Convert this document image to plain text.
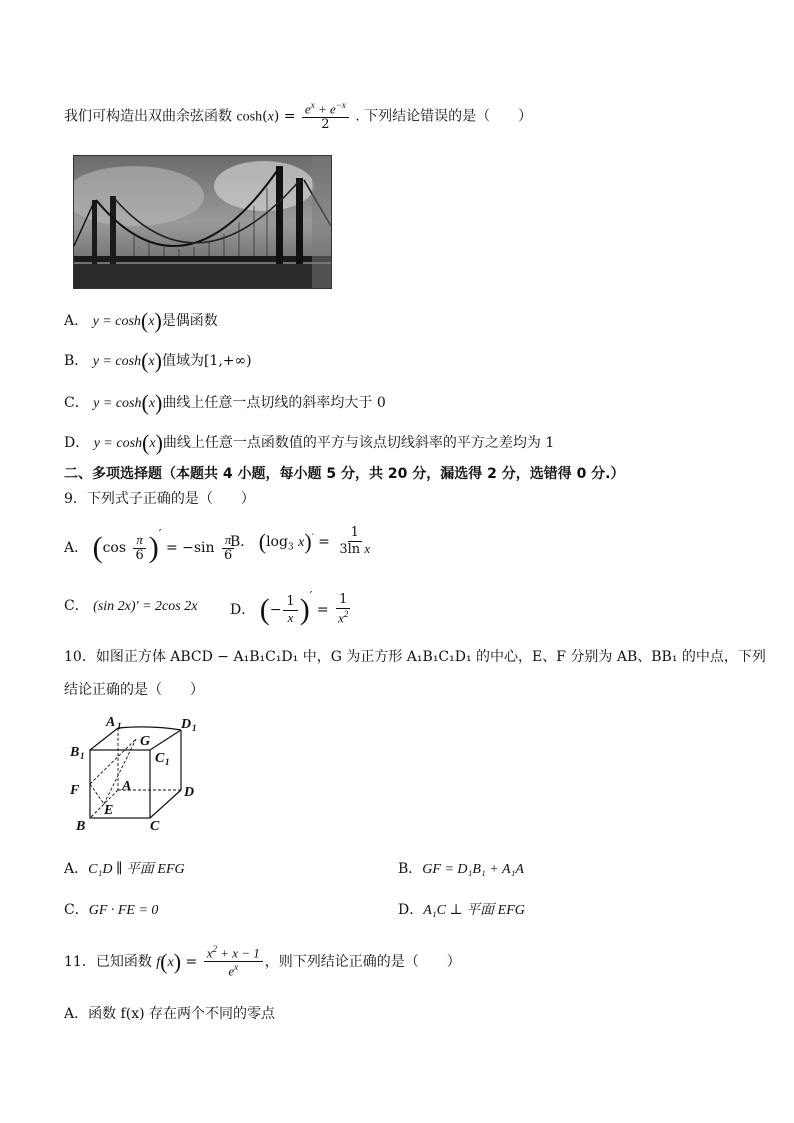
我们可构造出双曲余弦函数 $\cosh(x) = \frac{e^x + e^{-x}}{2}$ . 下列结论错误的是（　　）
A． y = cosh(x)是偶函数
B． y = cosh(x)值域为[1,+∞)
C． y = cosh(x)曲线上任意一点切线的斜率均大于 0
D． y = cosh(x)曲线上任意一点函数值的平方与该点切线斜率的平方之差均为 1
二、多项选择题（本题共 4 小题，每小题 5 分，共 20 分，漏选得 2 分，选错得 0 分.）
9．下列式子正确的是（　　）
A． $(\cos \frac{\pi}{6} )' = -\sin \frac{\pi}{6}$
B． ($\log_3$ $x)' = \frac{1}{\text{3ln x}}$
C． (sin 2x)′ = 2cos 2x D． (− $\frac{1}{x} )' = \frac{1}{x^2}$
10．如图正方体 ABCD − A₁B₁C₁D₁ 中，G 为正方形 A₁B₁C₁D₁ 的中心，E、F 分别为 AB、BB₁ 的中点，下列
结论正确的是（　　）
A 1	D 1
B 1
G
C 1
A
F
E
D
B	C
A．C₁D ∥ 平面 EFG	B．GF = D₁B₁ + A₁A
C．GF · FE = 0	D．A₁C ⊥ 平面 EFG
11．已知函数 $f(x) = \frac{x^2 + x - 1}{e^x}$ ，则下列结论正确的是（　　）
A．函数 f(x) 存在两个不同的零点
